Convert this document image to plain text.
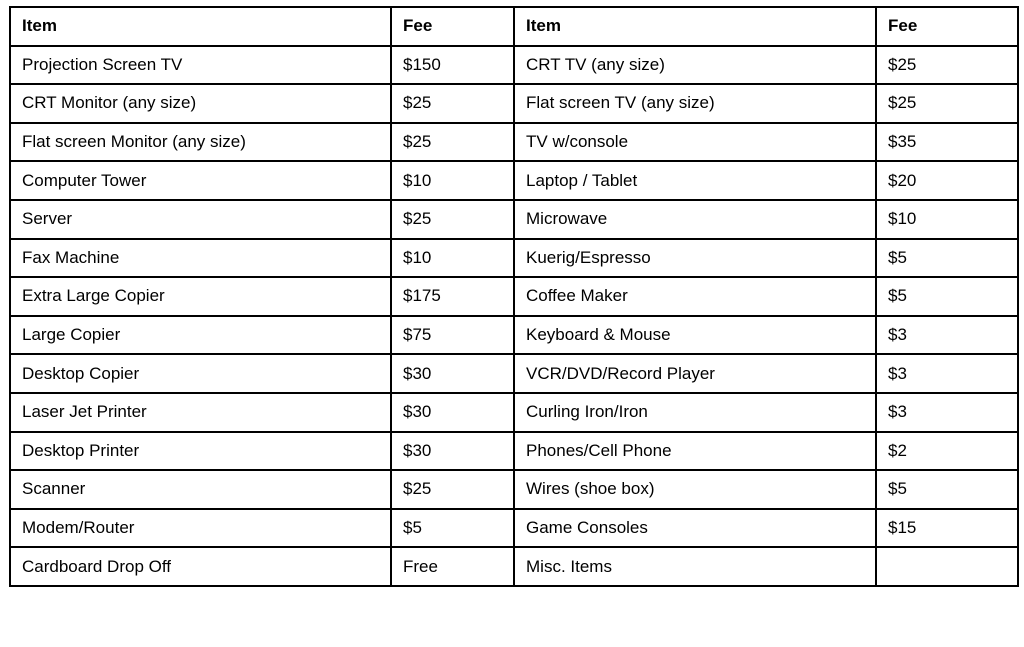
Item	Fee	Item	Fee
Projection Screen TV	$150	CRT TV (any size)	$25
CRT Monitor (any size)	$25	Flat screen TV (any size)	$25
Flat screen Monitor (any size)	$25	TV w/console	$35
Computer Tower	$10	Laptop / Tablet	$20
Server	$25	Microwave	$10
Fax Machine	$10	Kuerig/Espresso	$5
Extra Large Copier	$175	Coffee Maker	$5
Large Copier	$75	Keyboard & Mouse	$3
Desktop Copier	$30	VCR/DVD/Record Player	$3
Laser Jet Printer	$30	Curling Iron/Iron	$3
Desktop Printer	$30	Phones/Cell Phone	$2
Scanner	$25	Wires (shoe box)	$5
Modem/Router	$5	Game Consoles	$15
Cardboard Drop Off	Free	Misc. Items	
